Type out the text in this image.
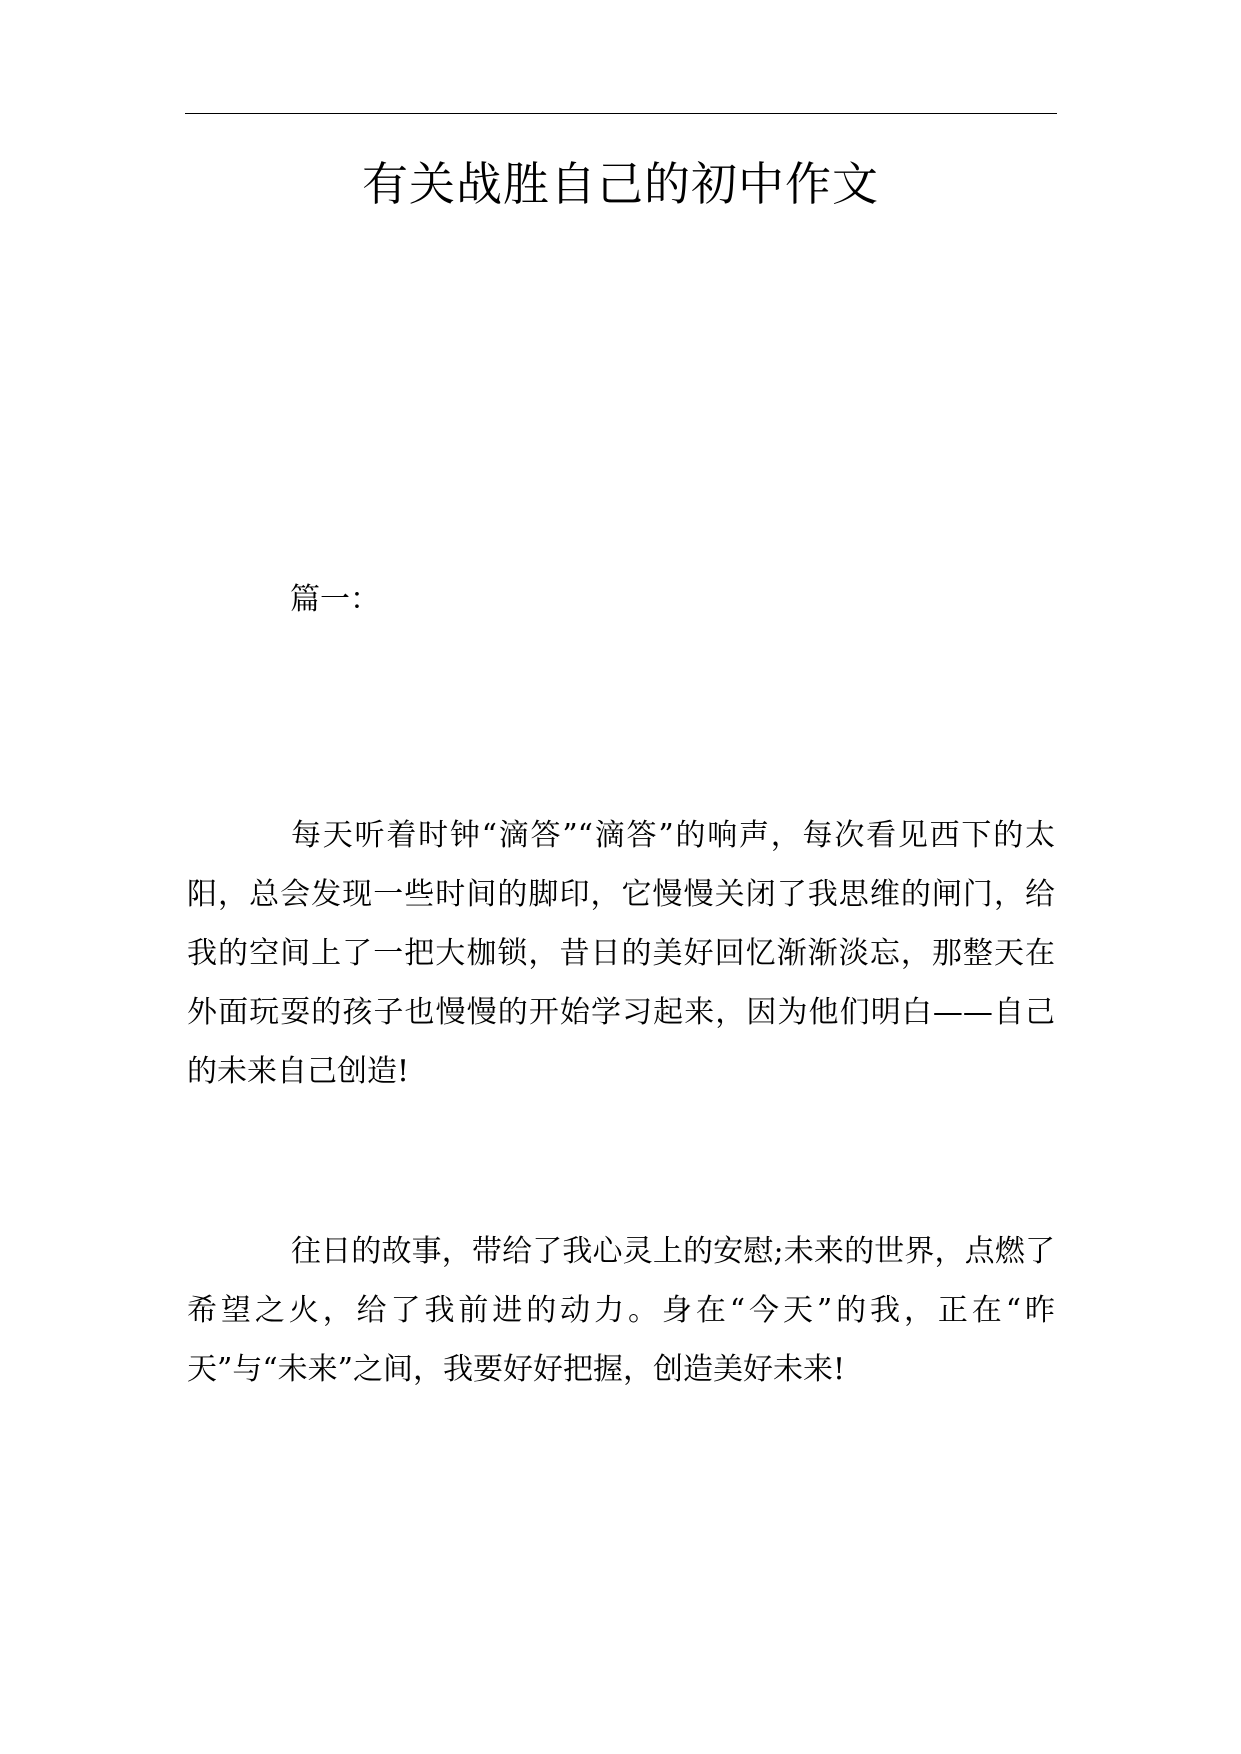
有关战胜自己的初中作文

篇一：

每天听着时钟“滴答”“滴答”的响声，每次看见西下的太阳，总会发现一些时间的脚印，它慢慢关闭了我思维的闸门，给我的空间上了一把大枷锁，昔日的美好回忆渐渐淡忘，那整天在外面玩耍的孩子也慢慢的开始学习起来，因为他们明白——自己的未来自己创造!

往日的故事，带给了我心灵上的安慰;未来的世界，点燃了希望之火，给了我前进的动力。身在“今天”的我，正在“昨天”与“未来”之间，我要好好把握，创造美好未来!
